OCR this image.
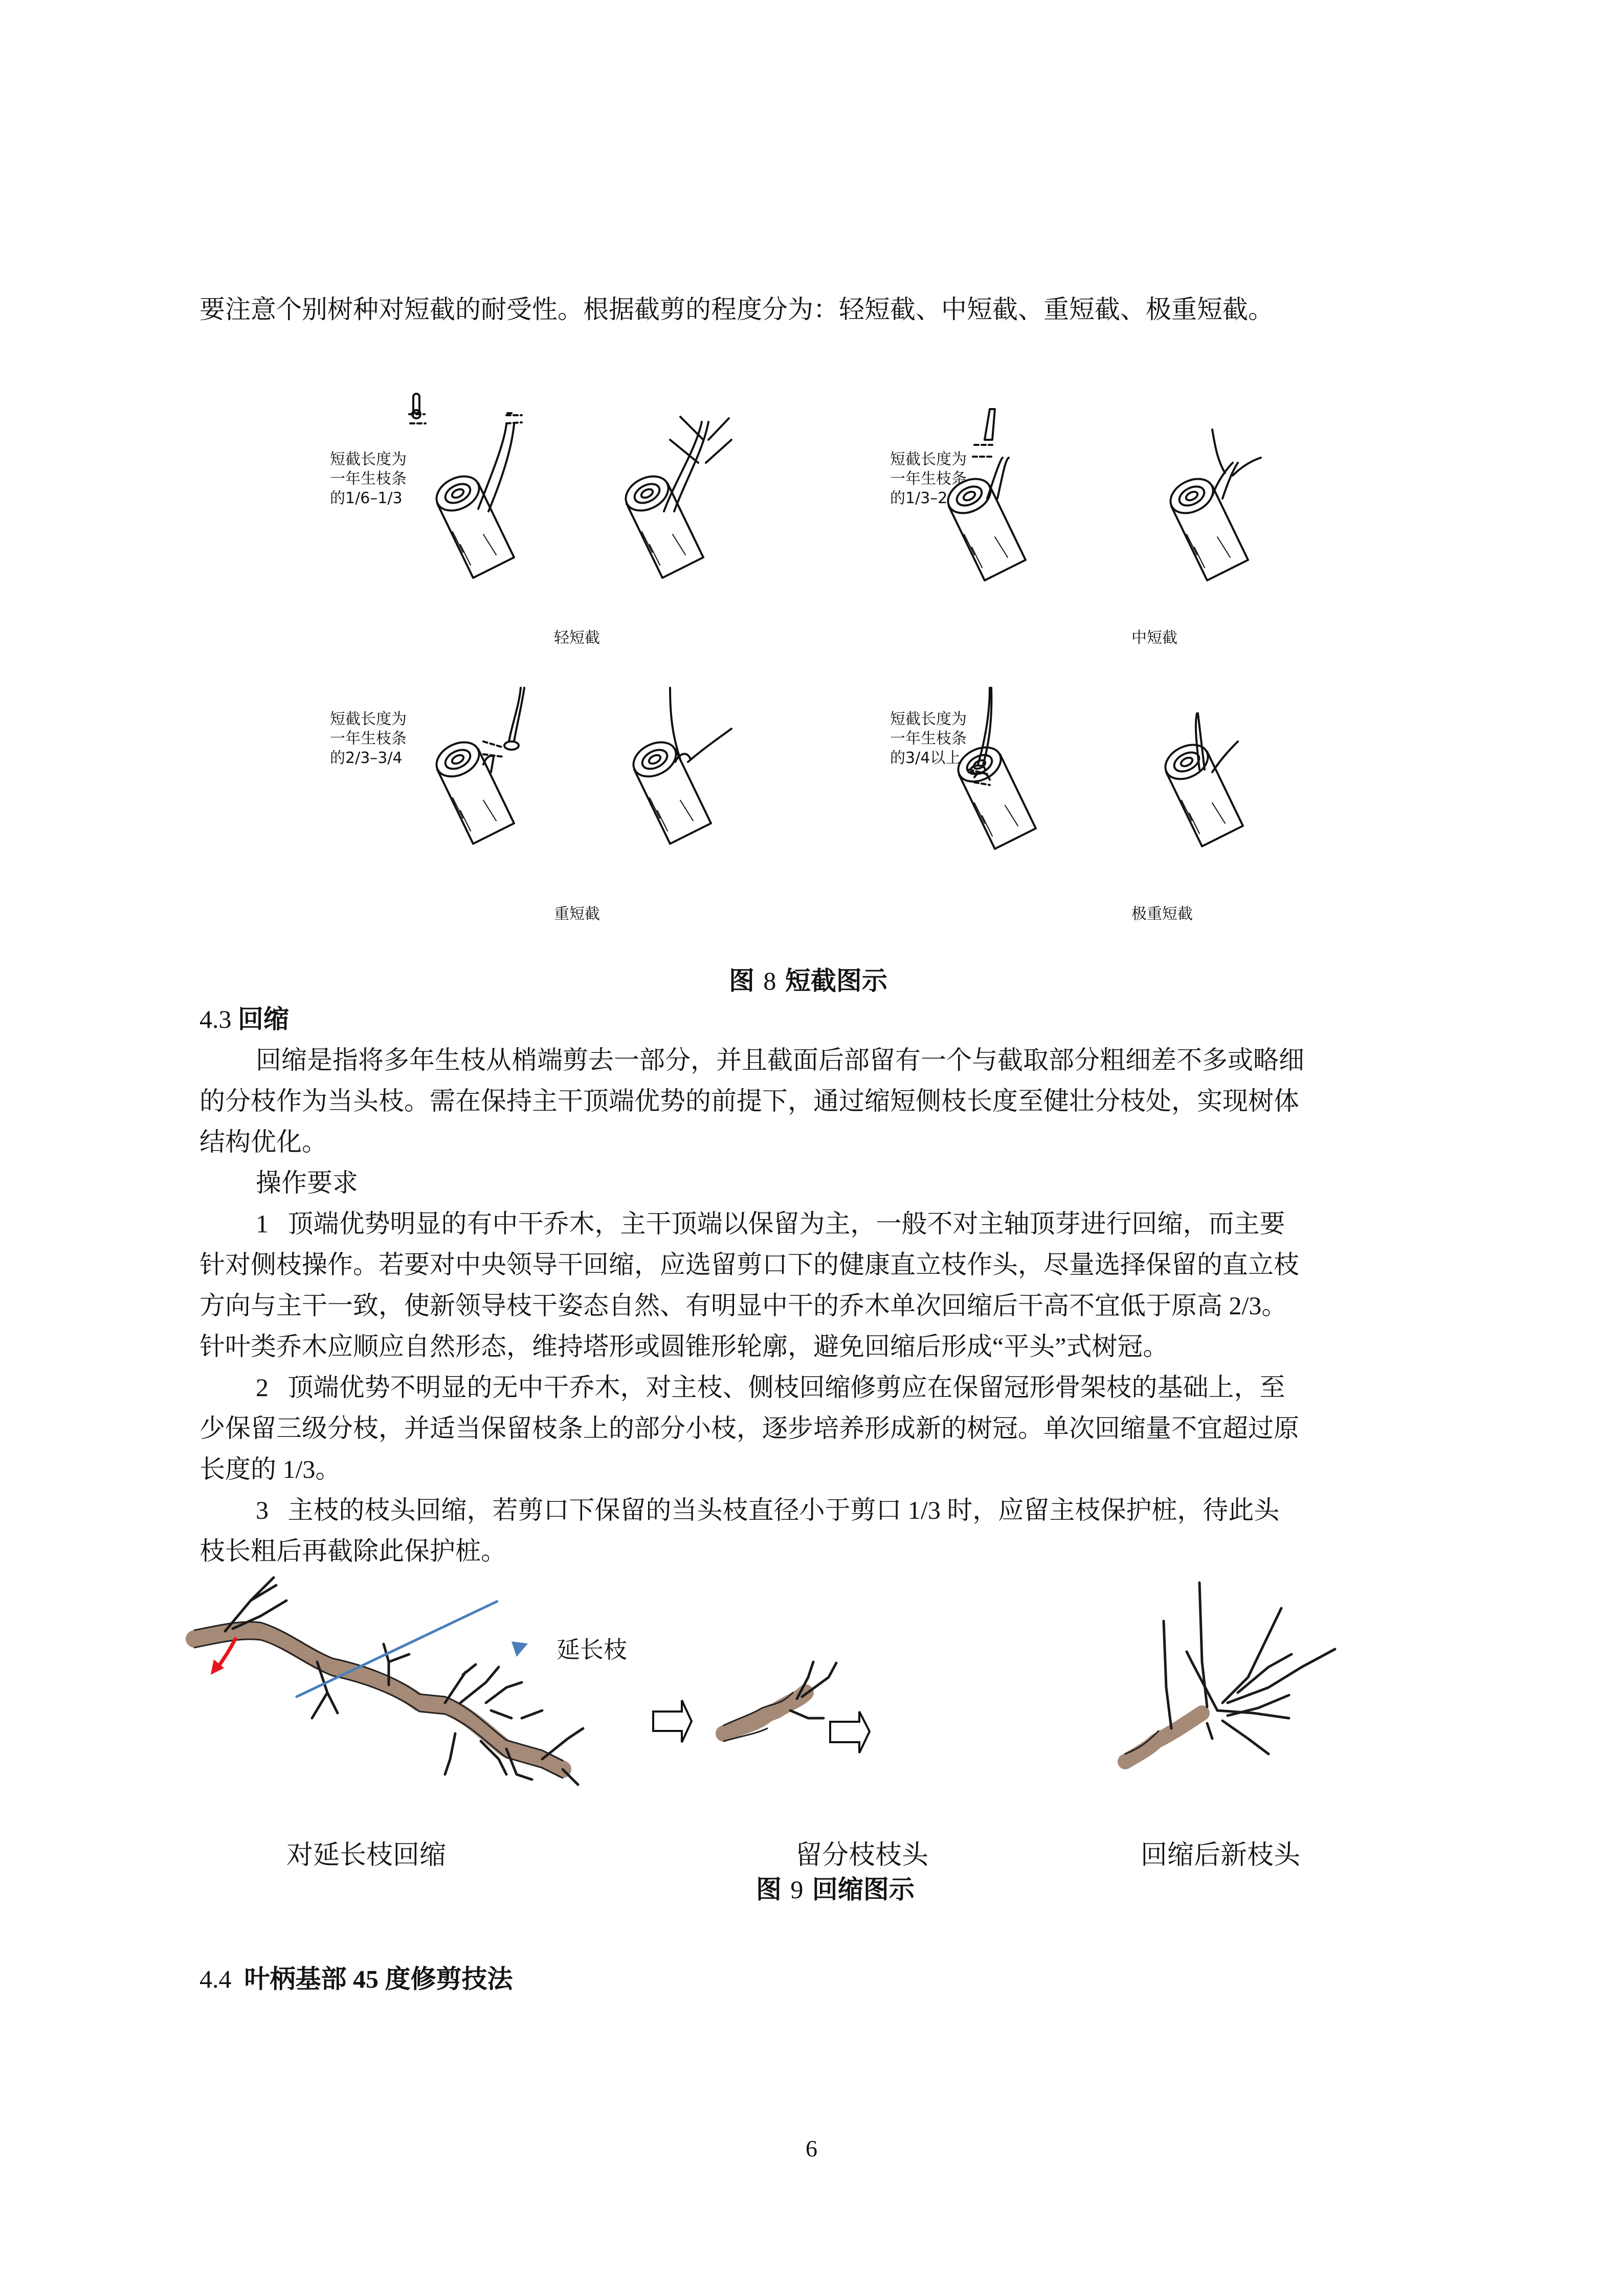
要注意个别树种对短截的耐受性。根据截剪的程度分为：轻短截、中短截、重短截、极重短截。
短截长度为
一年生枝条
的1/6–1/3
轻短截
短截长度为
一年生枝条
的1/3–2/3
中短截
短截长度为
一年生枝条
的2/3–3/4
重短截
短截长度为
一年生枝条
的3/4以上
极重短截
图 8 短截图示
4.3 回缩
回缩是指将多年生枝从梢端剪去一部分，并且截面后部留有一个与截取部分粗细差不多或略细
的分枝作为当头枝。需在保持主干顶端优势的前提下，通过缩短侧枝长度至健壮分枝处，实现树体
结构优化。
操作要求
1 顶端优势明显的有中干乔木，主干顶端以保留为主，一般不对主轴顶芽进行回缩，而主要
针对侧枝操作。若要对中央领导干回缩，应选留剪口下的健康直立枝作头，尽量选择保留的直立枝
方向与主干一致，使新领导枝干姿态自然、有明显中干的乔木单次回缩后干高不宜低于原高 2/3。
针叶类乔木应顺应自然形态，维持塔形或圆锥形轮廓，避免回缩后形成“平头”式树冠。
2 顶端优势不明显的无中干乔木，对主枝、侧枝回缩修剪应在保留冠形骨架枝的基础上，至
少保留三级分枝，并适当保留枝条上的部分小枝，逐步培养形成新的树冠。单次回缩量不宜超过原
长度的 1/3。
3 主枝的枝头回缩，若剪口下保留的当头枝直径小于剪口 1/3 时，应留主枝保护桩，待此头
枝长粗后再截除此保护桩。
延长枝
对延长枝回缩	留分枝枝头	回缩后新枝头
图 9 回缩图示
4.4 叶柄基部 45 度修剪技法
6
